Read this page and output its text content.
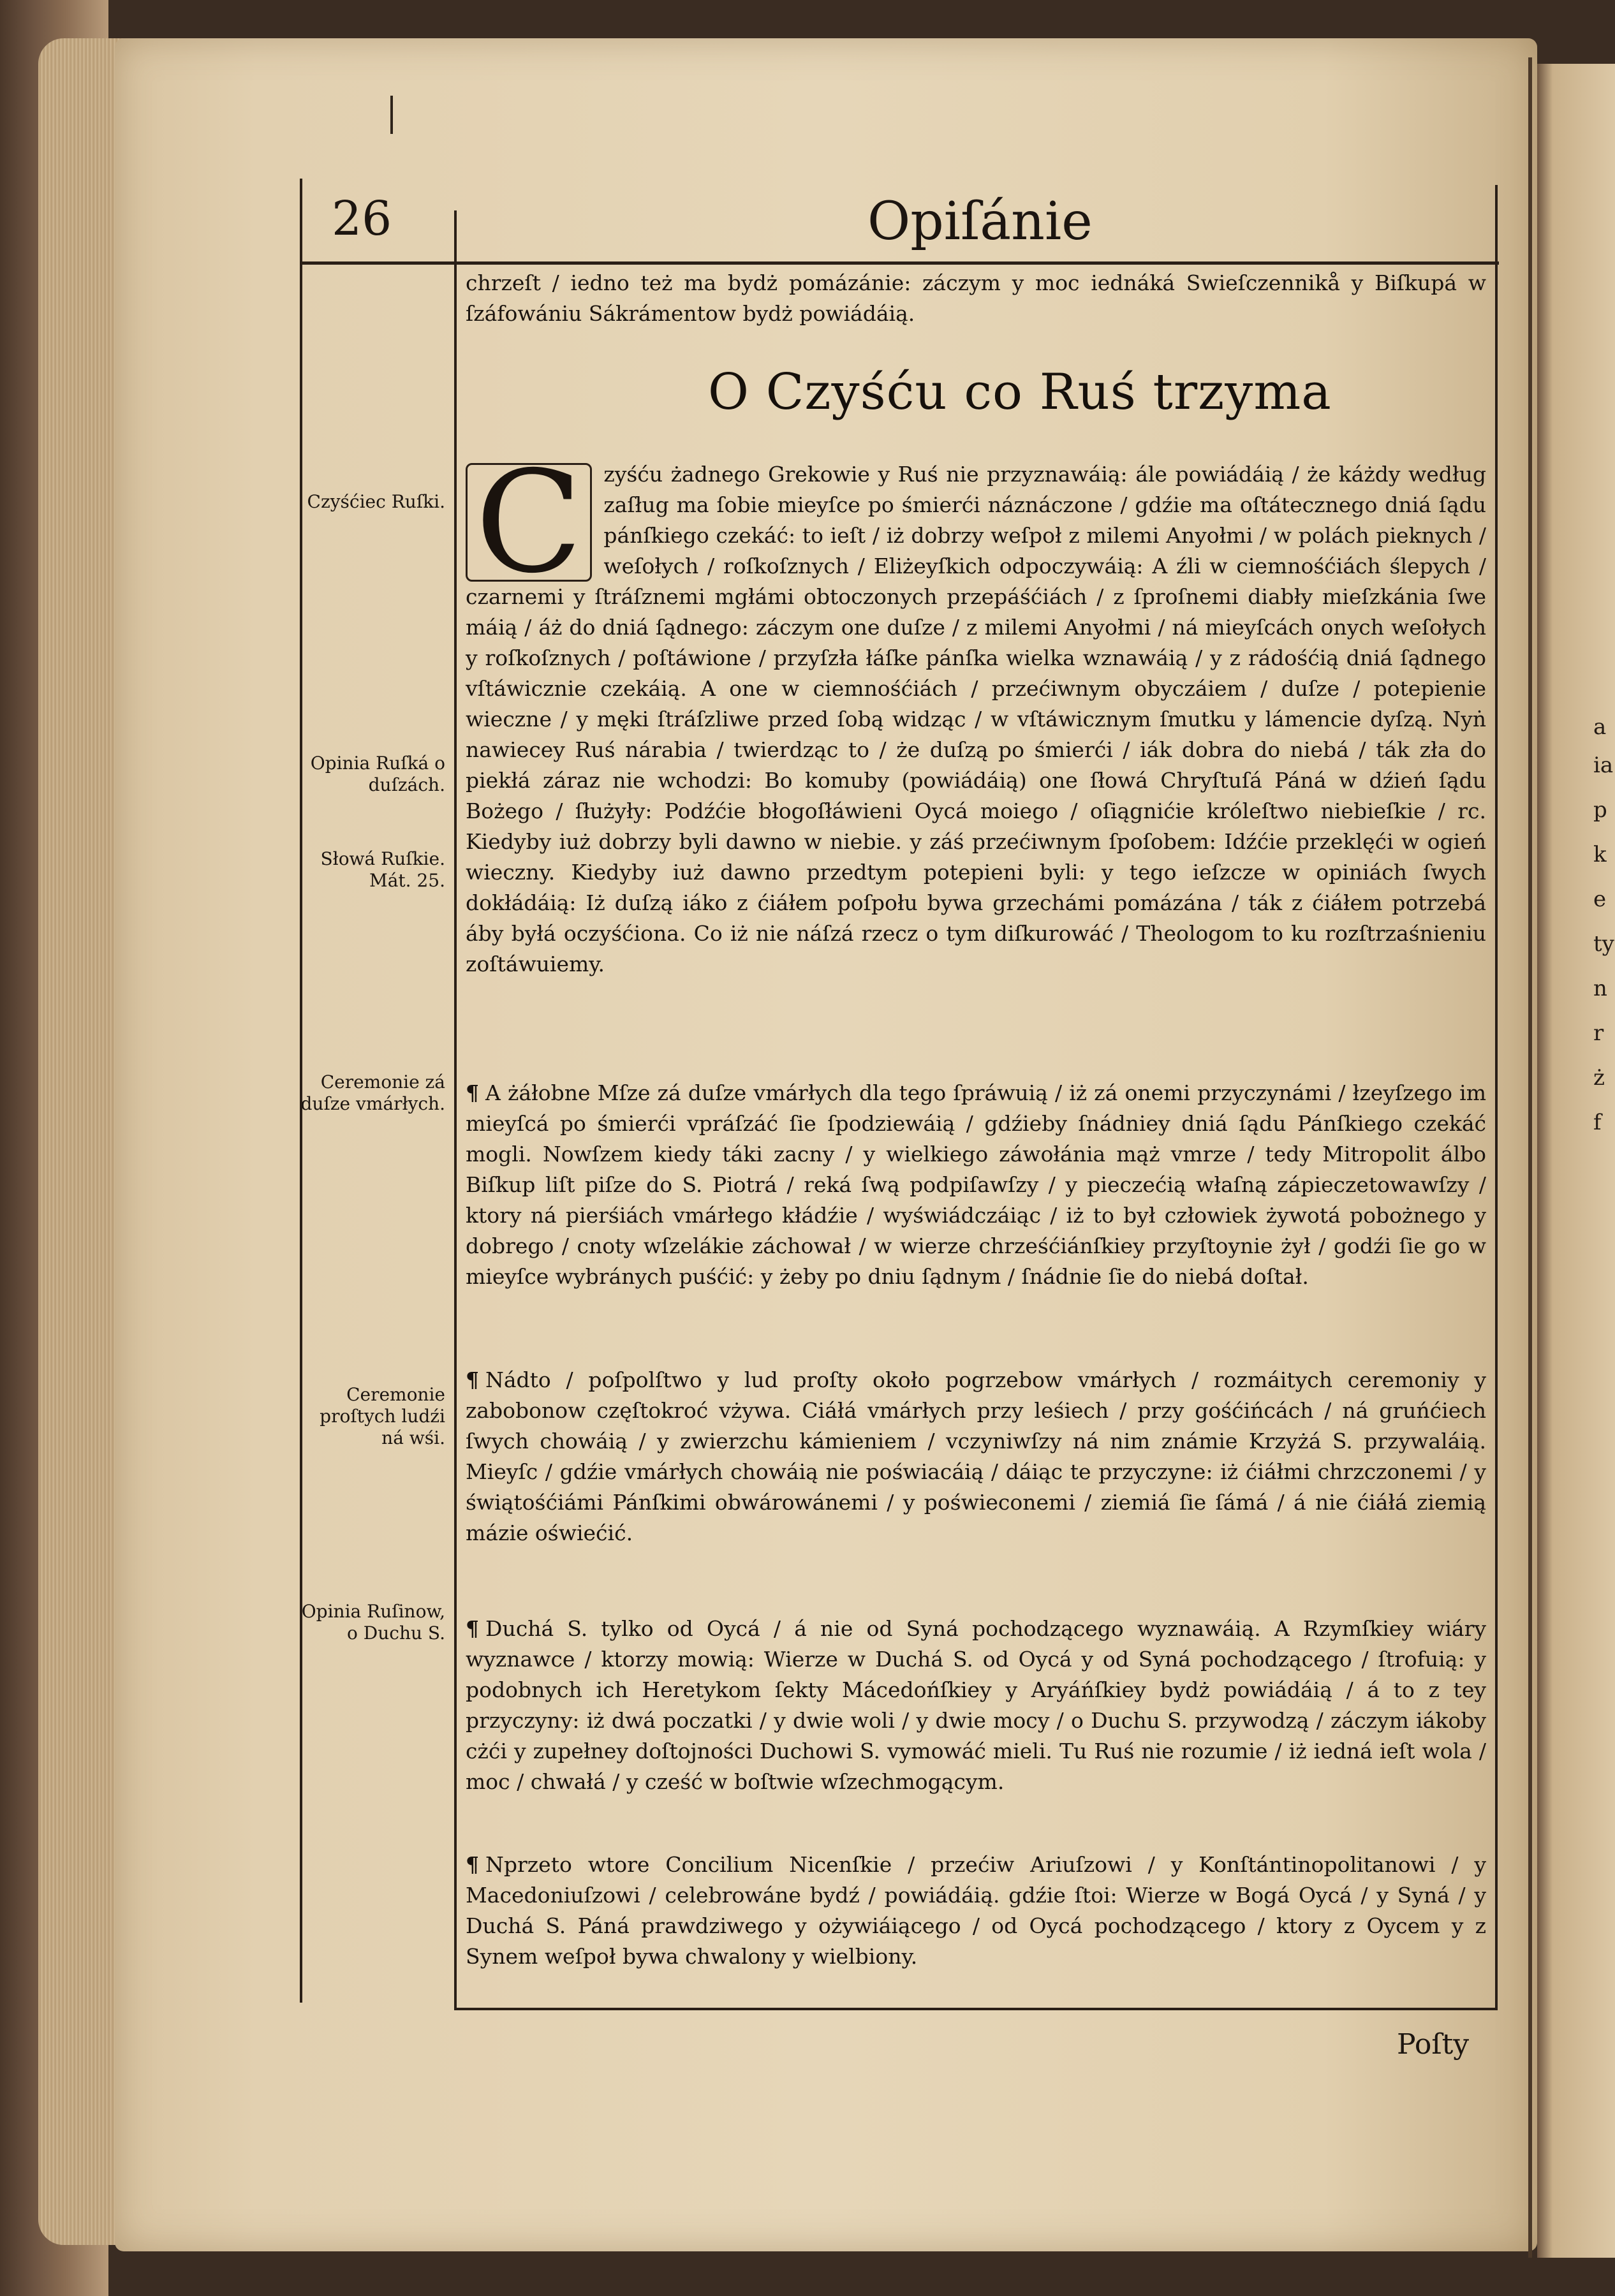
a
ia
p
k
e
ty
n
r
ż
f
26	Opiſánie
chrzeſt / iedno też ma bydż pomázánie: záczym y moc iednáká Swieſczennikå y Biſkupá w ſzáfowániu Sákrámentow bydż powiádáią.
O Czyśću co Ruś trzyma
C	zyśću żadnego Grekowie y Ruś nie przyznawáią: ále powiádáią / że káżdy według zaſług ma ſobie mieyſce po śmierći náznáczone / gdźie ma oſtátecznego dniá ſądu pánſkiego czekáć: to ieſt / iż dobrzy weſpoł z milemi Anyołmi / w polách pieknych / weſołych / roſkoſznych / Eliżeyſkich odpoczywáią: A źli w ciemnośćiách ślepych / czarnemi y ſtráſznemi mgłámi obtoczonych przepáśćiách / z ſproſnemi diabły mieſzkánia ſwe máią / áż do dniá ſądnego: záczym one duſze / z milemi Anyołmi / ná mieyſcách onych weſołych y roſkoſznych / poſtáwione / przyſzła łáſke pánſka wielka wznawáią / y z rádośćią dniá ſądnego vſtáwicznie czekáią. A one w ciemnośćiách / przećiwnym obyczáiem / duſze / potepienie wieczne / y męki ſtráſzliwe przed ſobą widząc / w vſtáwicznym ſmutku y lámencie dyſzą. Nyṅ nawiecey Ruś nárabia / twierdząc to / że duſzą po śmierći / iák dobra do niebá / ták zła do piekłá záraz nie wchodzi: Bo komuby (powiádáią) one ſłowá Chryſtuſá Páná w dźień ſądu Bożego / ſłużyły: Podźćie błogoſłáwieni Oycá moiego / oſiągnićie króleſtwo niebieſkie / rc. Kiedyby iuż dobrzy byli dawno w niebie. y záś przećiwnym ſpoſobem: Idźćie przeklęći w ogień wieczny. Kiedyby iuż dawno przedtym potepieni byli: y tego ieſzcze w opiniách ſwych dokłádáią: Iż duſzą iáko z ćiáłem poſpołu bywa grzechámi pomázána / ták z ćiáłem potrzebá áby byłá oczyśćiona. Co iż nie náſzá rzecz o tym diſkurowáć / Theologom to ku rozſtrzaśnieniu zoſtáwuiemy.
¶ A żáłobne Mſze zá duſze vmárłych dla tego ſpráwuią / iż zá onemi przyczynámi / łzeyſzego im mieyſcá po śmierći vpráſzáć ſie ſpodziewáią / gdźieby ſnádniey dniá ſądu Pánſkiego czekáć mogli. Nowſzem kiedy táki zacny / y wielkiego záwołánia mąż vmrze / tedy Mitropolit álbo Biſkup liſt piſze do S. Piotrá / reká ſwą podpiſawſzy / y pieczećią właſną zápieczetowawſzy / ktory ná pierśiách vmárłego kłádźie / wyświádczáiąc / iż to był człowiek żywotá pobożnego y dobrego / cnoty wſzelákie záchował / w wierze chrześćiánſkiey przyſtoynie żył / godźi ſie go w mieyſce wybránych puśćić: y żeby po dniu ſądnym / ſnádnie ſie do niebá doſtał.
¶ Nádto / poſpolſtwo y lud proſty około pogrzebow vmárłych / rozmáitych ceremoniy y zabobonow częſtokroć vżywa. Ciáłá vmárłych przy leśiech / przy gośćińcách / ná gruńćiech ſwych chowáią / y zwierzchu kámieniem / vczyniwſzy ná nim známie Krzyżá S. przywaláią. Mieyſc / gdźie vmárłych chowáią nie poświacáią / dáiąc te przyczyne: iż ćiáłmi chrzczonemi / y świątośćiámi Pánſkimi obwárowánemi / y poświeconemi / ziemiá ſie ſámá / á nie ćiáłá ziemią mázie oświećić.
¶ Duchá S. tylko od Oycá / á nie od Syná pochodzącego wyznawáią. A Rzymſkiey wiáry wyznawce / ktorzy mowią: Wierze w Duchá S. od Oycá y od Syná pochodzącego / ſtrofuią: y podobnych ich Heretykom ſekty Mácedońſkiey y Aryáńſkiey bydż powiádáią / á to z tey przyczyny: iż dwá poczatki / y dwie woli / y dwie mocy / o Duchu S. przywodzą / záczym iákoby cżći y zupełney doſtojności Duchowi S. vymowáć mieli. Tu Ruś nie rozumie / iż iedná ieſt wola / moc / chwałá / y cześć w boſtwie wſzechmogącym.
¶ Nprzeto wtore Concilium Nicenſkie / przećiw Ariuſzowi / y Konſtántinopolitanowi / y Macedoniuſzowi / celebrowáne bydź / powiádáią. gdźie ſtoi: Wierze w Bogá Oycá / y Syná / y Duchá S. Páná prawdziwego y ożywiáiącego / od Oycá pochodzącego / ktory z Oycem y z Synem weſpoł bywa chwalony y wielbiony.
Czyśćiec Ruſki.
Opinia Ruſká o duſzách.
Słowá Ruſkie. Mát. 25.
Ceremonie zá duſze vmárłych.
Ceremonie proſtych ludźi ná wśi.
Opinia Ruſinow, o Duchu S.
Poſty
